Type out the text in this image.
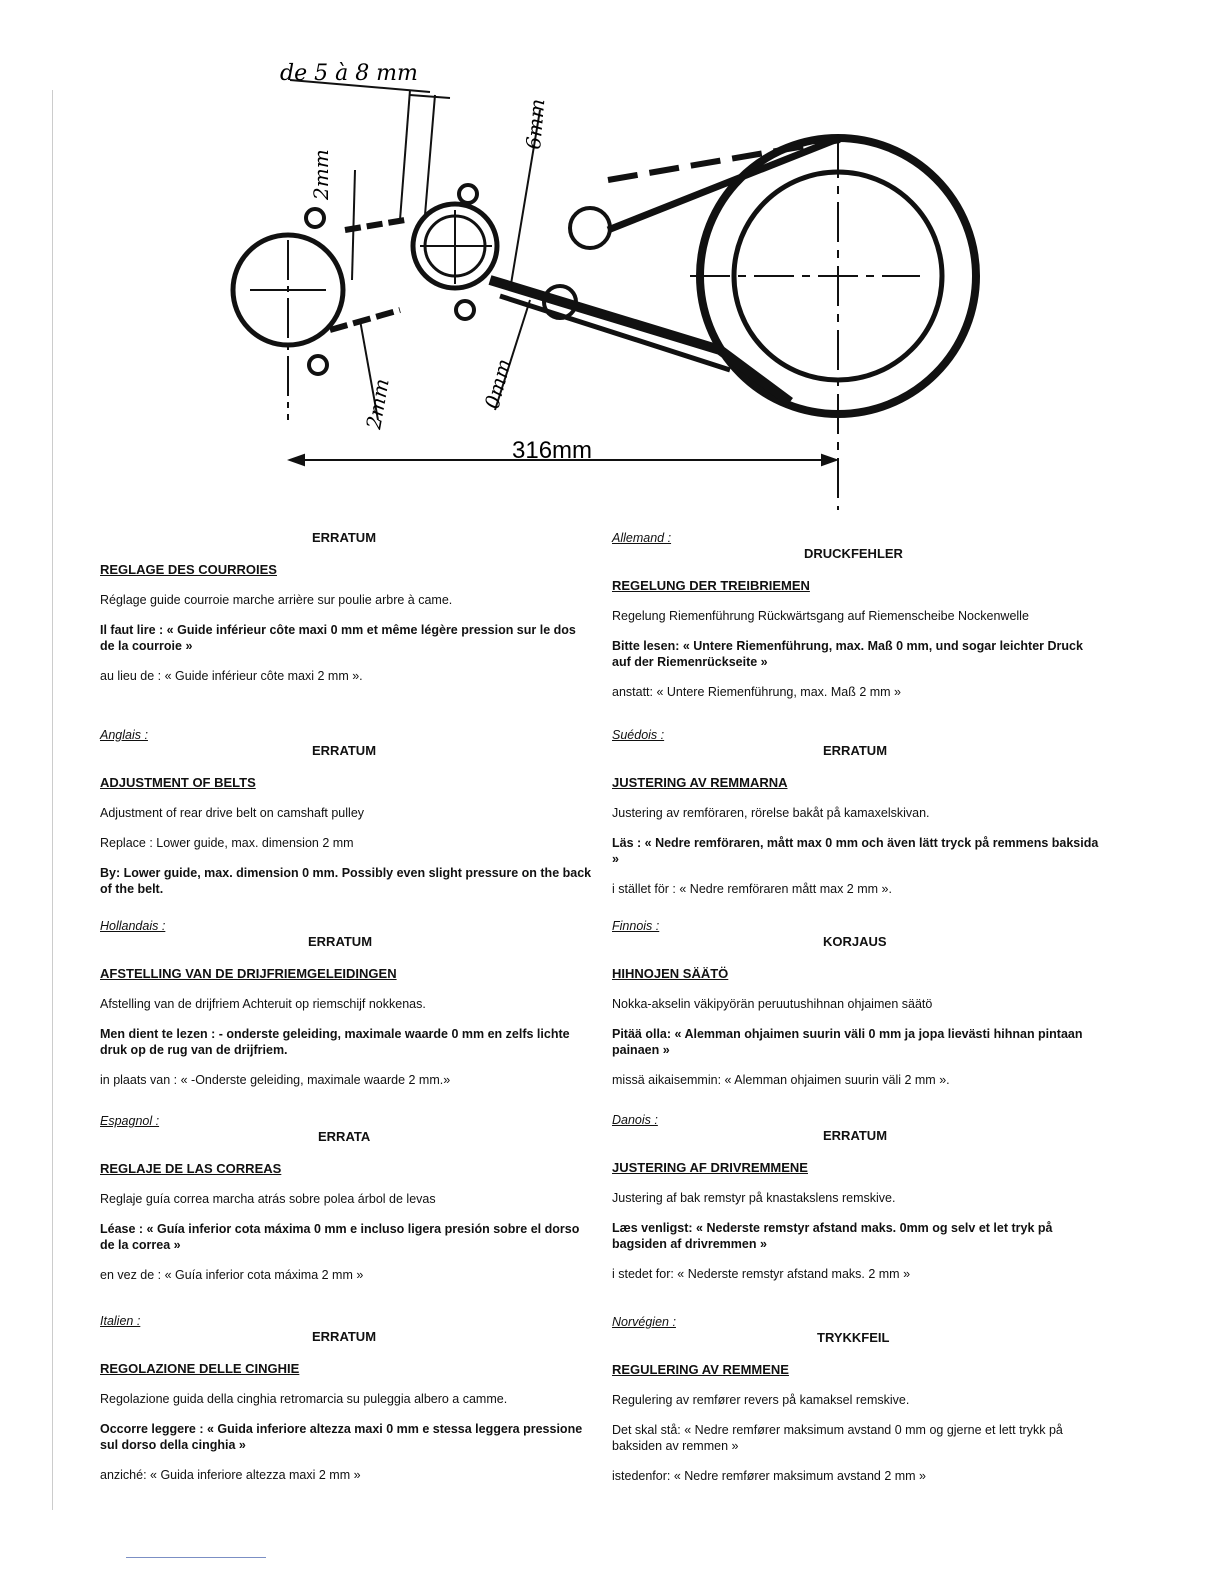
de 5 à 8 mm
2mm
6mm
2mm	0mm
316mm
ERRATUM
REGLAGE DES COURROIES

Réglage guide courroie marche arrière sur poulie arbre à came.

Il faut lire : « Guide inférieur côte maxi 0 mm et même légère pression sur le dos de la courroie »

au lieu de : « Guide inférieur côte maxi 2 mm ».

Anglais :
ERRATUM
ADJUSTMENT OF BELTS

Adjustment of rear drive belt on camshaft pulley

Replace : Lower guide, max. dimension 2 mm

By: Lower guide, max. dimension 0 mm. Possibly even slight pressure on the back of the belt.

Hollandais :
ERRATUM
AFSTELLING VAN DE DRIJFRIEMGELEIDINGEN

Afstelling van de drijfriem Achteruit op riemschijf nokkenas.

Men dient te lezen : - onderste geleiding, maximale waarde 0 mm en zelfs lichte druk op de rug van de drijfriem.

in plaats van : « -Onderste geleiding, maximale waarde 2 mm.»

Espagnol :
ERRATA
REGLAJE DE LAS CORREAS

Reglaje guía correa marcha atrás sobre polea árbol de levas

Léase : « Guía inferior cota máxima 0 mm e incluso ligera presión sobre el dorso de la correa »

en vez de : « Guía inferior cota máxima 2 mm »

Italien :
ERRATUM
REGOLAZIONE DELLE CINGHIE

Regolazione guida della cinghia retromarcia su puleggia albero a camme.

Occorre leggere : « Guida inferiore altezza maxi 0 mm e stessa leggera pressione sul dorso della cinghia »

anziché: « Guida inferiore altezza maxi 2 mm »

Allemand :
DRUCKFEHLER
REGELUNG DER TREIBRIEMEN

Regelung Riemenführung Rückwärtsgang auf Riemenscheibe Nockenwelle

Bitte lesen: « Untere Riemenführung, max. Maß 0 mm, und sogar leichter Druck auf der Riemenrückseite »

anstatt: « Untere Riemenführung, max. Maß 2 mm »

Suédois :
ERRATUM
JUSTERING AV REMMARNA

Justering av remföraren, rörelse bakåt på kamaxelskivan.

Läs : « Nedre remföraren, mått max 0 mm och även lätt tryck på remmens baksida »

i stället för : « Nedre remföraren mått max 2 mm ».

Finnois :
KORJAUS
HIHNOJEN SÄÄTÖ

Nokka-akselin väkipyörän peruutushihnan ohjaimen säätö

Pitää olla: « Alemman ohjaimen suurin väli 0 mm ja jopa lievästi hihnan pintaan painaen »

missä aikaisemmin: « Alemman ohjaimen suurin väli 2 mm ».

Danois :
ERRATUM
JUSTERING AF DRIVREMMENE

Justering af bak remstyr på knastakslens remskive.

Læs venligst: « Nederste remstyr afstand maks. 0mm og selv et let tryk på bagsiden af drivremmen »

i stedet for: « Nederste remstyr afstand maks. 2 mm »

Norvégien :
TRYKKFEIL
REGULERING AV REMMENE

Regulering av remfører revers på kamaksel remskive.

Det skal stå: « Nedre remfører maksimum avstand 0 mm og gjerne et lett trykk på baksiden av remmen »

istedenfor: « Nedre remfører maksimum avstand 2 mm »
